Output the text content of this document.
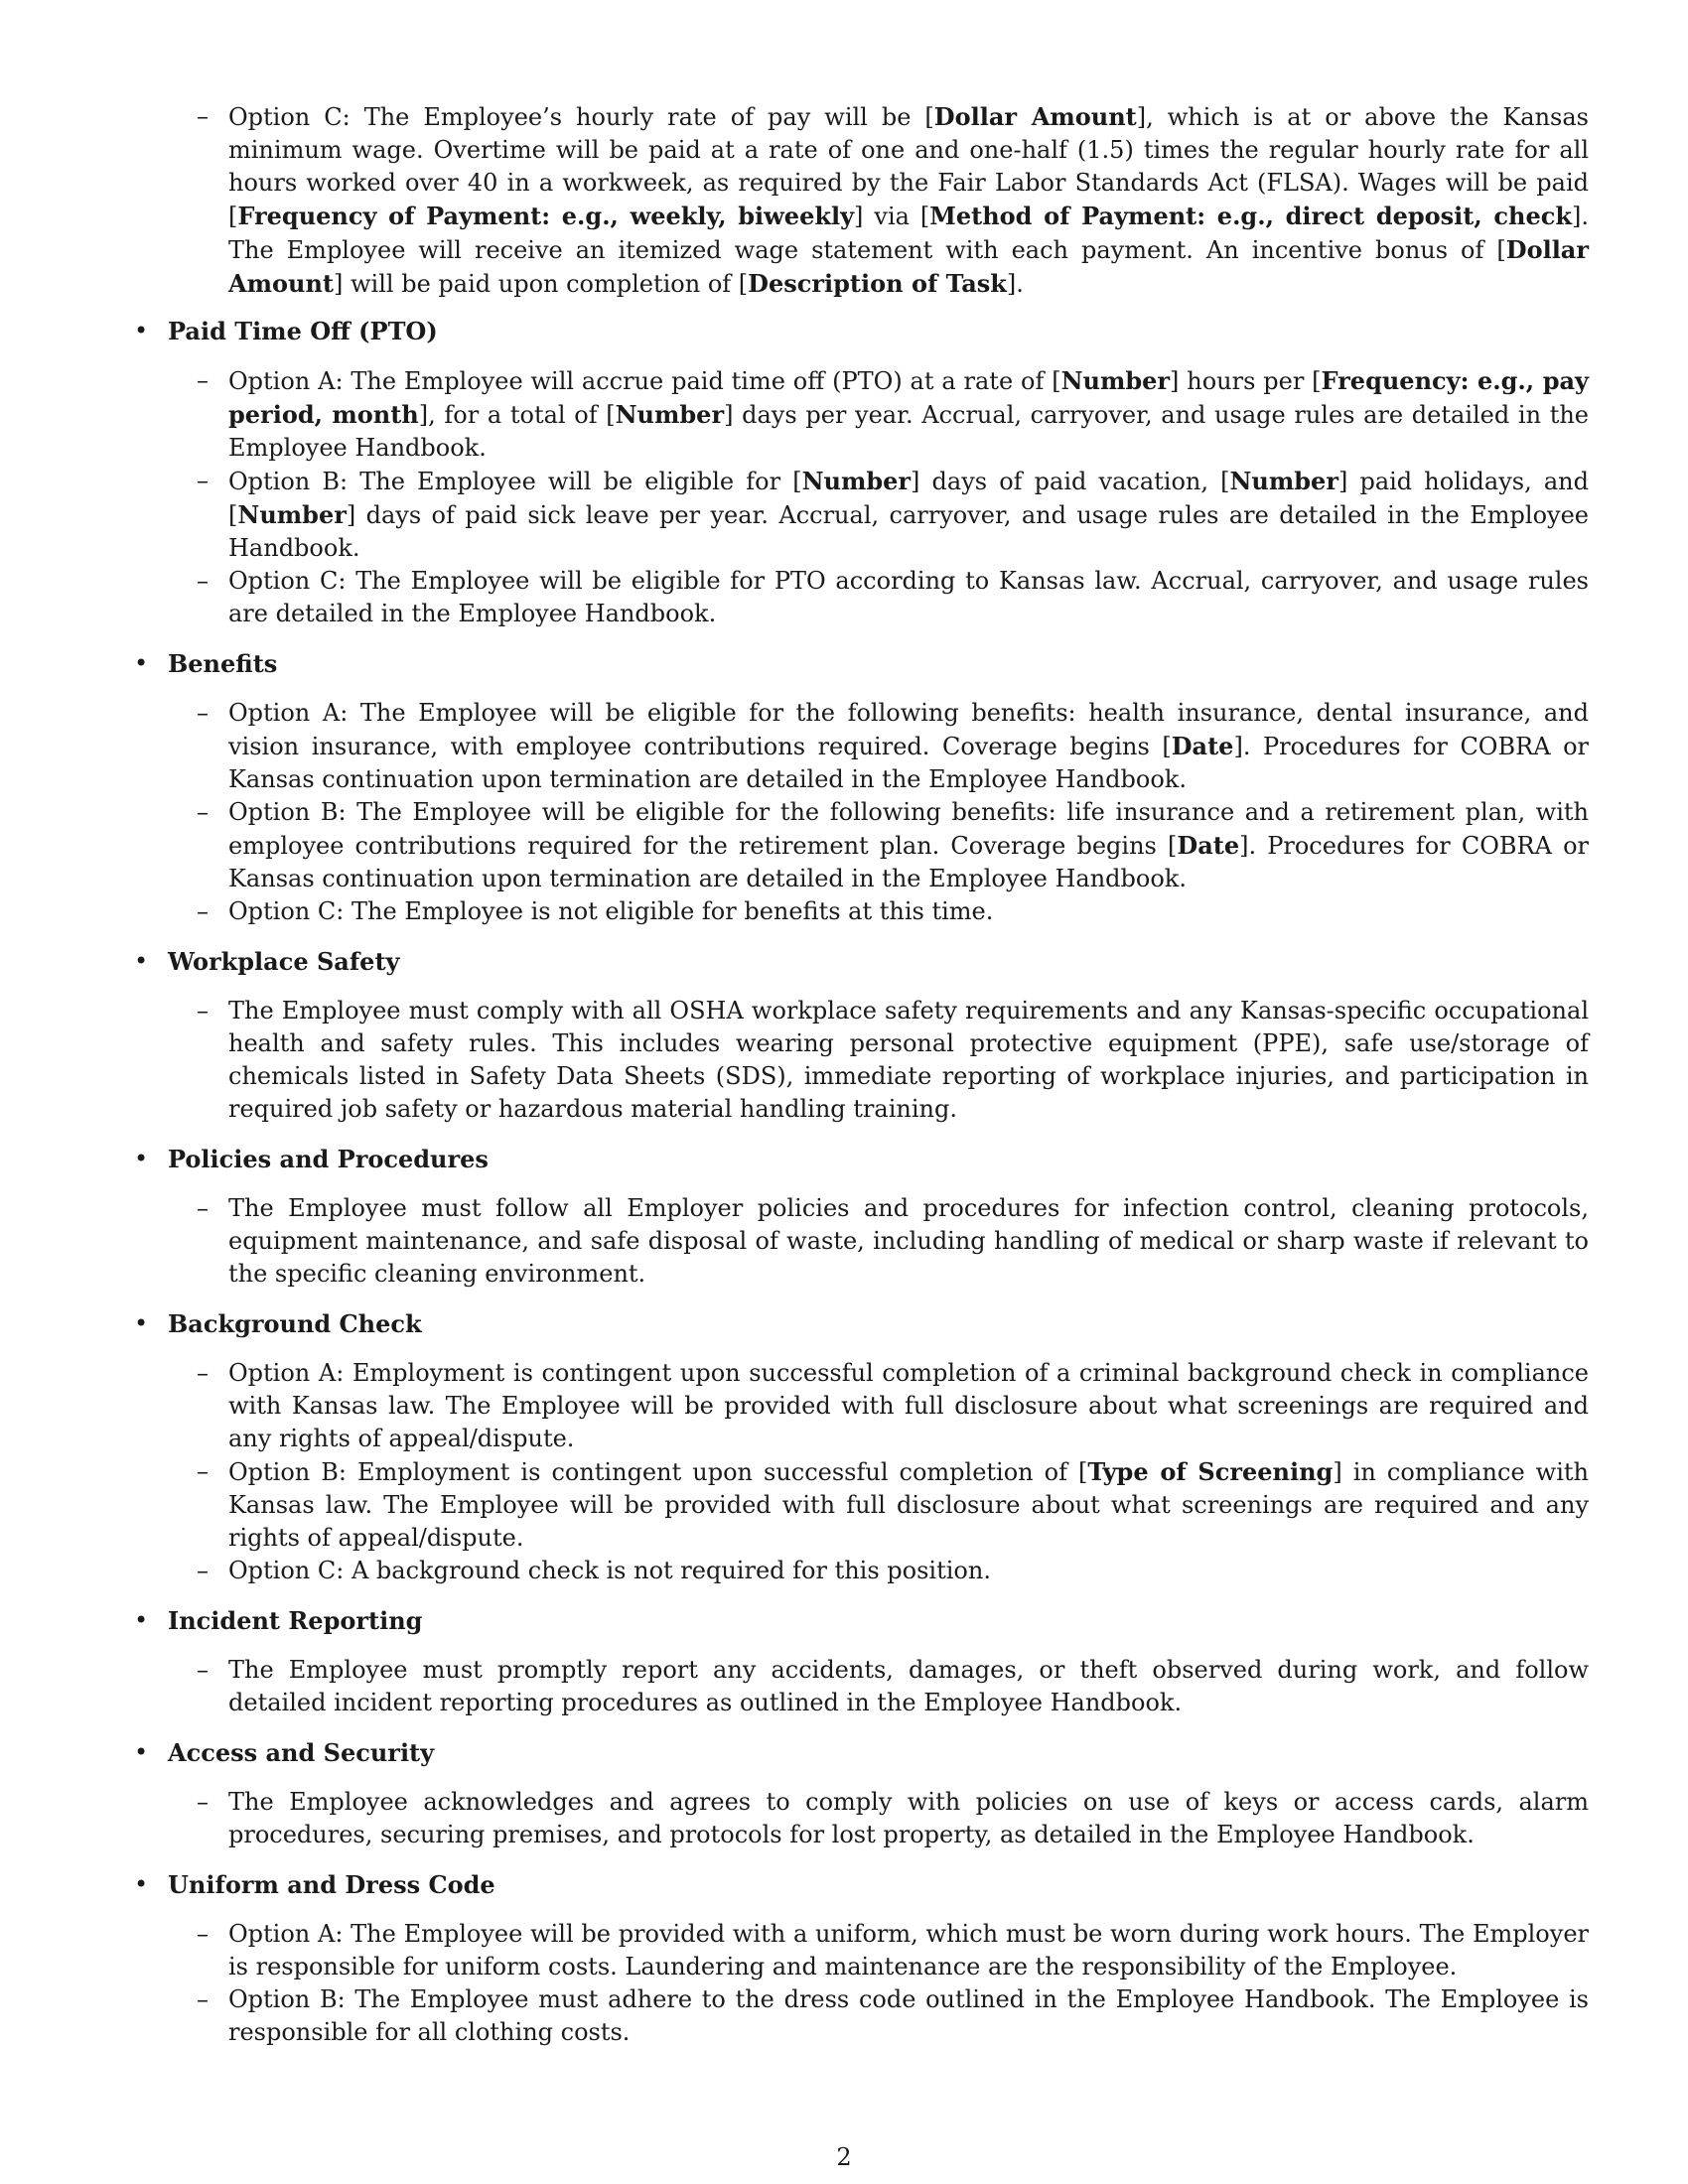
– Option C: The Employee’s hourly rate of pay will be [Dollar Amount], which is at or above the Kansas minimum wage. Overtime will be paid at a rate of one and one-half (1.5) times the regular hourly rate for all hours worked over 40 in a workweek, as required by the Fair Labor Standards Act (FLSA). Wages will be paid [Frequency of Payment: e.g., weekly, biweekly] via [Method of Payment: e.g., direct deposit, check]. The Employee will receive an itemized wage statement with each payment. An incentive bonus of [Dollar Amount] will be paid upon completion of [Description of Task].
• Paid Time Off (PTO)
– Option A: The Employee will accrue paid time off (PTO) at a rate of [Number] hours per [Frequency: e.g., pay period, month], for a total of [Number] days per year. Accrual, carryover, and usage rules are detailed in the Employee Handbook.
– Option B: The Employee will be eligible for [Number] days of paid vacation, [Number] paid holidays, and [Number] days of paid sick leave per year. Accrual, carryover, and usage rules are detailed in the Employee Handbook.
– Option C: The Employee will be eligible for PTO according to Kansas law. Accrual, carryover, and usage rules are detailed in the Employee Handbook.
• Benefits
– Option A: The Employee will be eligible for the following benefits: health insurance, dental insurance, and vision insurance, with employee contributions required. Coverage begins [Date]. Procedures for COBRA or Kansas continuation upon termination are detailed in the Employee Handbook.
– Option B: The Employee will be eligible for the following benefits: life insurance and a retirement plan, with employee contributions required for the retirement plan. Coverage begins [Date]. Procedures for COBRA or Kansas continuation upon termination are detailed in the Employee Handbook.
– Option C: The Employee is not eligible for benefits at this time.
• Workplace Safety
– The Employee must comply with all OSHA workplace safety requirements and any Kansas-specific occupational health and safety rules. This includes wearing personal protective equipment (PPE), safe use/storage of chemicals listed in Safety Data Sheets (SDS), immediate reporting of workplace injuries, and participation in required job safety or hazardous material handling training.
• Policies and Procedures
– The Employee must follow all Employer policies and procedures for infection control, cleaning protocols, equipment maintenance, and safe disposal of waste, including handling of medical or sharp waste if relevant to the specific cleaning environment.
• Background Check
– Option A: Employment is contingent upon successful completion of a criminal background check in compliance with Kansas law. The Employee will be provided with full disclosure about what screenings are required and any rights of appeal/dispute.
– Option B: Employment is contingent upon successful completion of [Type of Screening] in compliance with Kansas law. The Employee will be provided with full disclosure about what screenings are required and any rights of appeal/dispute.
– Option C: A background check is not required for this position.
• Incident Reporting
– The Employee must promptly report any accidents, damages, or theft observed during work, and follow detailed incident reporting procedures as outlined in the Employee Handbook.
• Access and Security
– The Employee acknowledges and agrees to comply with policies on use of keys or access cards, alarm procedures, securing premises, and protocols for lost property, as detailed in the Employee Handbook.
• Uniform and Dress Code
– Option A: The Employee will be provided with a uniform, which must be worn during work hours. The Employer is responsible for uniform costs. Laundering and maintenance are the responsibility of the Employee.
– Option B: The Employee must adhere to the dress code outlined in the Employee Handbook. The Employee is responsible for all clothing costs.
2
